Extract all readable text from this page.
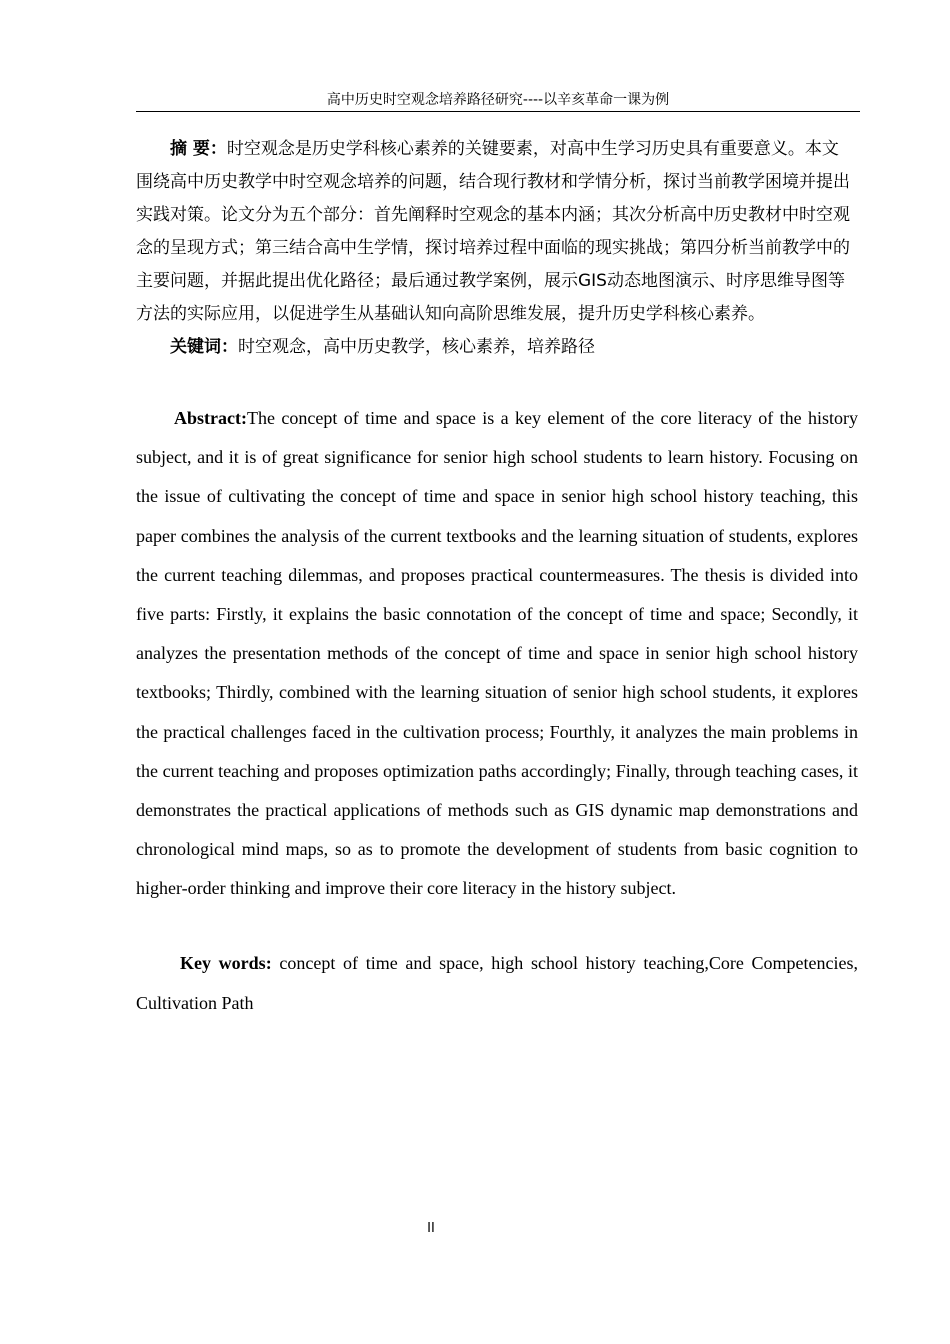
高中历史时空观念培养路径研究----以辛亥革命一课为例

摘 要：时空观念是历史学科核心素养的关键要素，对高中生学习历史具有重要意义。本文围绕高中历史教学中时空观念培养的问题，结合现行教材和学情分析，探讨当前教学困境并提出实践对策。论文分为五个部分：首先阐释时空观念的基本内涵；其次分析高中历史教材中时空观念的呈现方式；第三结合高中生学情，探讨培养过程中面临的现实挑战；第四分析当前教学中的主要问题，并据此提出优化路径；最后通过教学案例，展示GIS动态地图演示、时序思维导图等方法的实际应用，以促进学生从基础认知向高阶思维发展，提升历史学科核心素养。

关键词：时空观念，高中历史教学，核心素养，培养路径

Abstract:The concept of time and space is a key element of the core literacy of the history subject, and it is of great significance for senior high school students to learn history. Focusing on the issue of cultivating the concept of time and space in senior high school history teaching, this paper combines the analysis of the current textbooks and the learning situation of students, explores the current teaching dilemmas, and proposes practical countermeasures. The thesis is divided into five parts: Firstly, it explains the basic connotation of the concept of time and space; Secondly, it analyzes the presentation methods of the concept of time and space in senior high school history textbooks; Thirdly, combined with the learning situation of senior high school students, it explores the practical challenges faced in the cultivation process; Fourthly, it analyzes the main problems in the current teaching and proposes optimization paths accordingly; Finally, through teaching cases, it demonstrates the practical applications of methods such as GIS dynamic map demonstrations and chronological mind maps, so as to promote the development of students from basic cognition to higher-order thinking and improve their core literacy in the history subject.

Key words: concept of time and space, high school history teaching,Core Competencies, Cultivation Path

II
